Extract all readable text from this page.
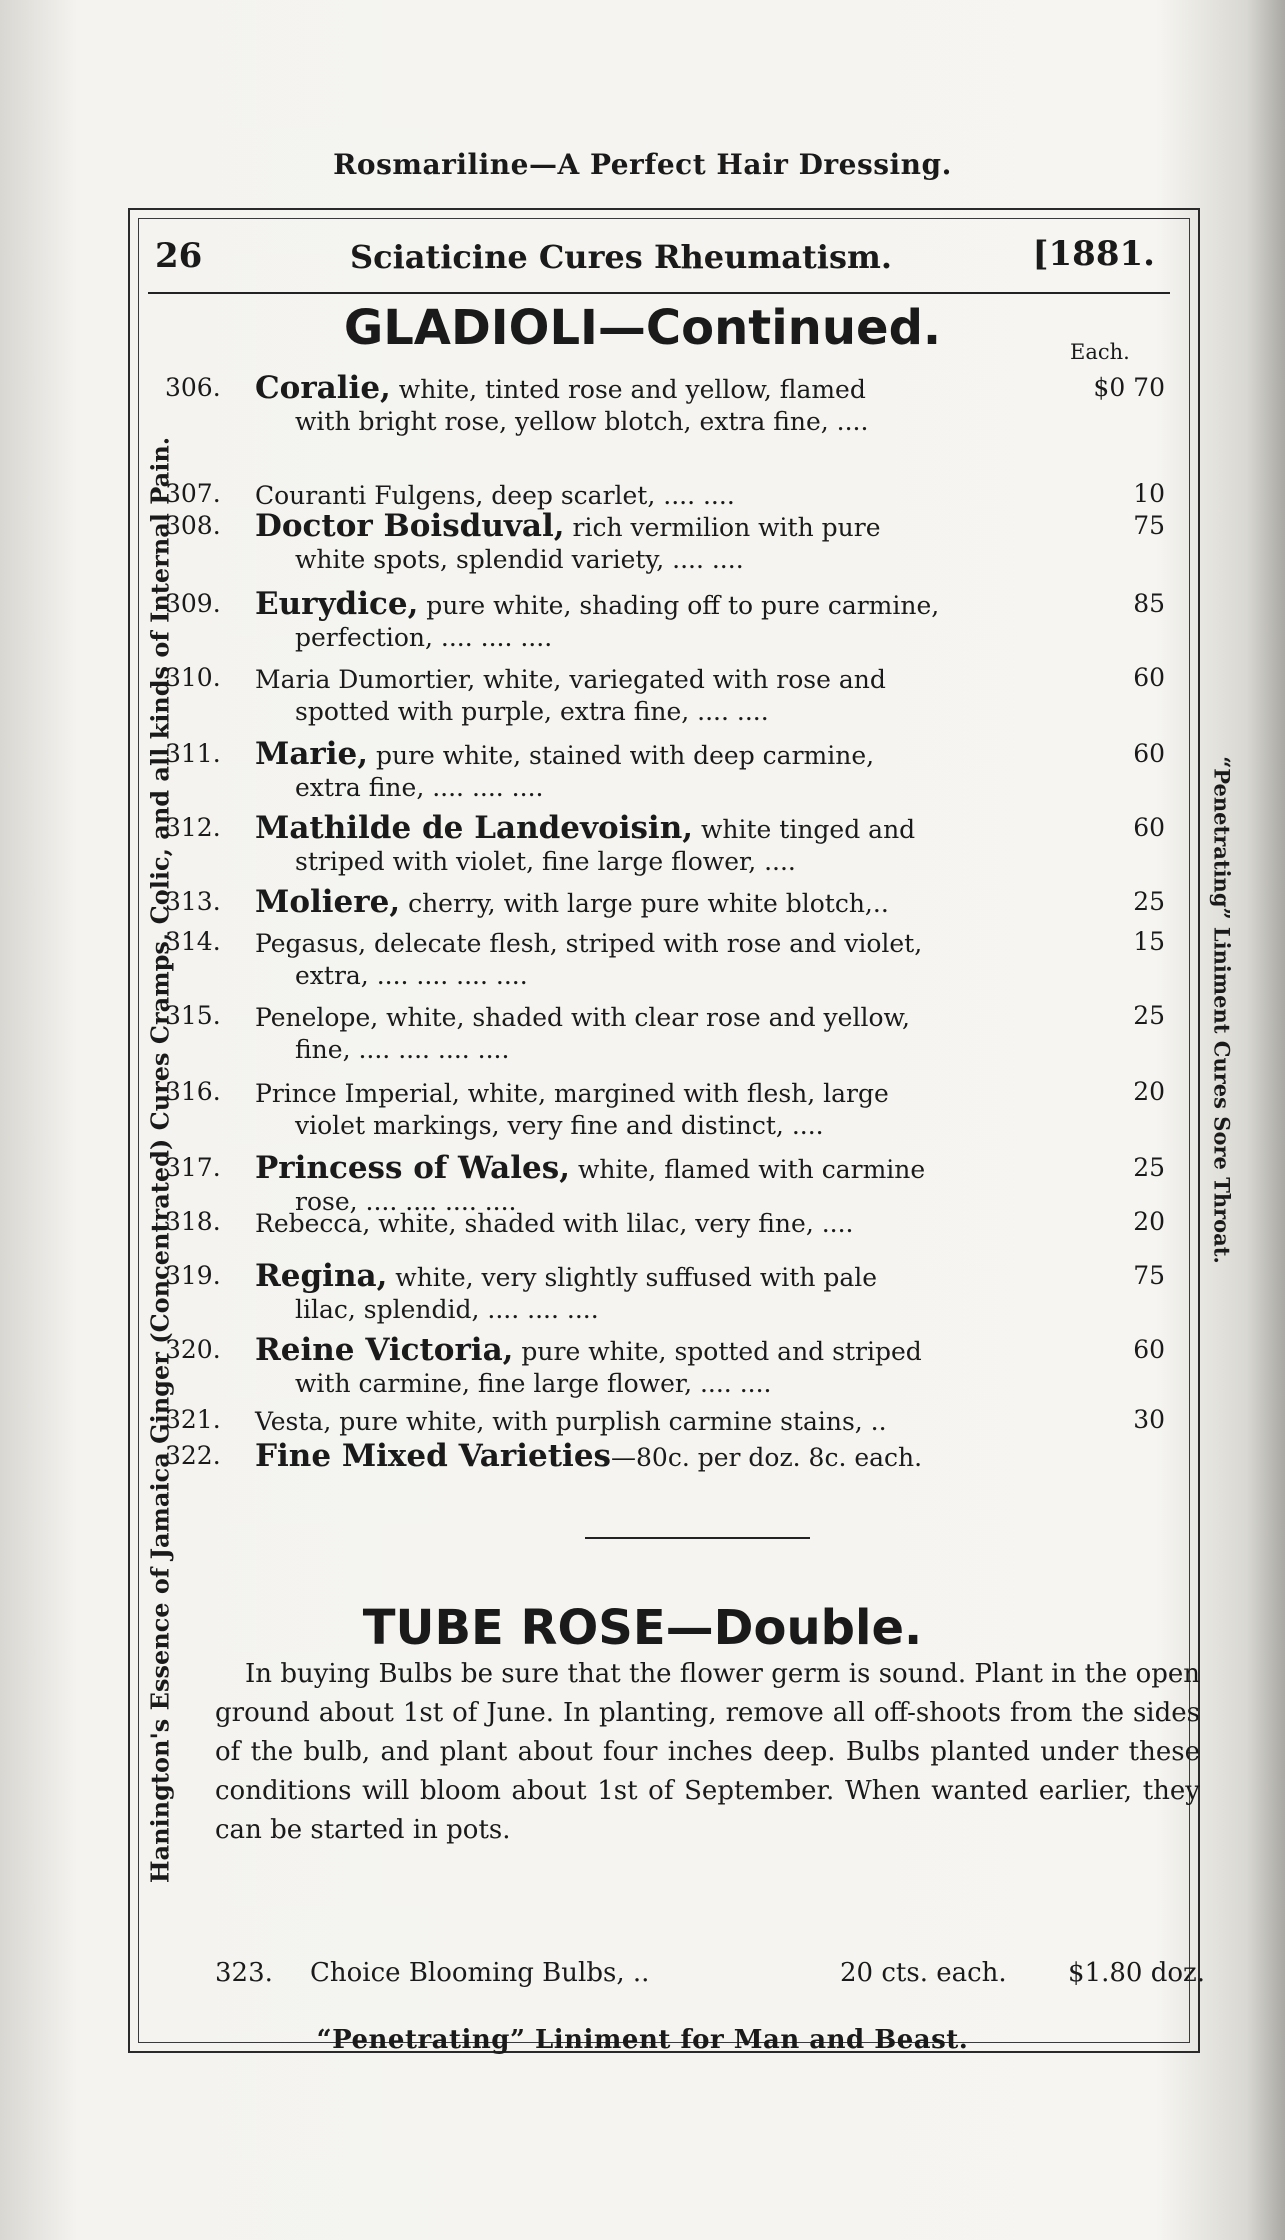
Rosmariline—A Perfect Hair Dressing.
Hanington's Essence of Jamaica Ginger (Concentrated) Cures Cramps, Colic, and all kinds of Internal Pain.	“Penetrating” Liniment Cures Sore Throat.
26	Sciaticine Cures Rheumatism.	[1881.
GLADIOLI—Continued.	Each.
306.	Coralie, white, tinted rose and yellow, flamed
with bright rose, yellow blotch, extra fine, ....
$0 70
307.	Couranti Fulgens, deep scarlet, .... ....	10
308.	Doctor Boisduval, rich vermilion with pure
white spots, splendid variety, .... ....
75
309.	Eurydice, pure white, shading off to pure carmine,
perfection, .... .... ....
85
310.	Maria Dumortier, white, variegated with rose and
spotted with purple, extra fine, .... ....
60
311.	Marie, pure white, stained with deep carmine,
extra fine, .... .... ....
60
312.	Mathilde de Landevoisin, white tinged and
striped with violet, fine large flower, ....
60
313.	Moliere, cherry, with large pure white blotch,..	25
314.	Pegasus, delecate flesh, striped with rose and violet,
extra, .... .... .... ....
15
315.	Penelope, white, shaded with clear rose and yellow,
fine, .... .... .... ....
25
316.	Prince Imperial, white, margined with flesh, large
violet markings, very fine and distinct, ....
20
317.	Princess of Wales, white, flamed with carmine
rose, .... .... .... ....
25
318.	Rebecca, white, shaded with lilac, very fine, ....	20
319.	Regina, white, very slightly suffused with pale
lilac, splendid, .... .... ....
75
320.	Reine Victoria, pure white, spotted and striped
with carmine, fine large flower, .... ....
60
321.	Vesta, pure white, with purplish carmine stains, ..	30
322.	Fine Mixed Varieties—80c. per doz. 8c. each.
TUBE ROSE—Double.

In buying Bulbs be sure that the flower germ is sound. Plant in the open ground about 1st of June. In planting, remove all off-shoots from the sides of the bulb, and plant about four inches deep. Bulbs planted under these conditions will bloom about 1st of September. When wanted earlier, they can be started in pots.

323. Choice Blooming Bulbs, ..	20 cts. each. $1.80 doz.
“Penetrating” Liniment for Man and Beast.
